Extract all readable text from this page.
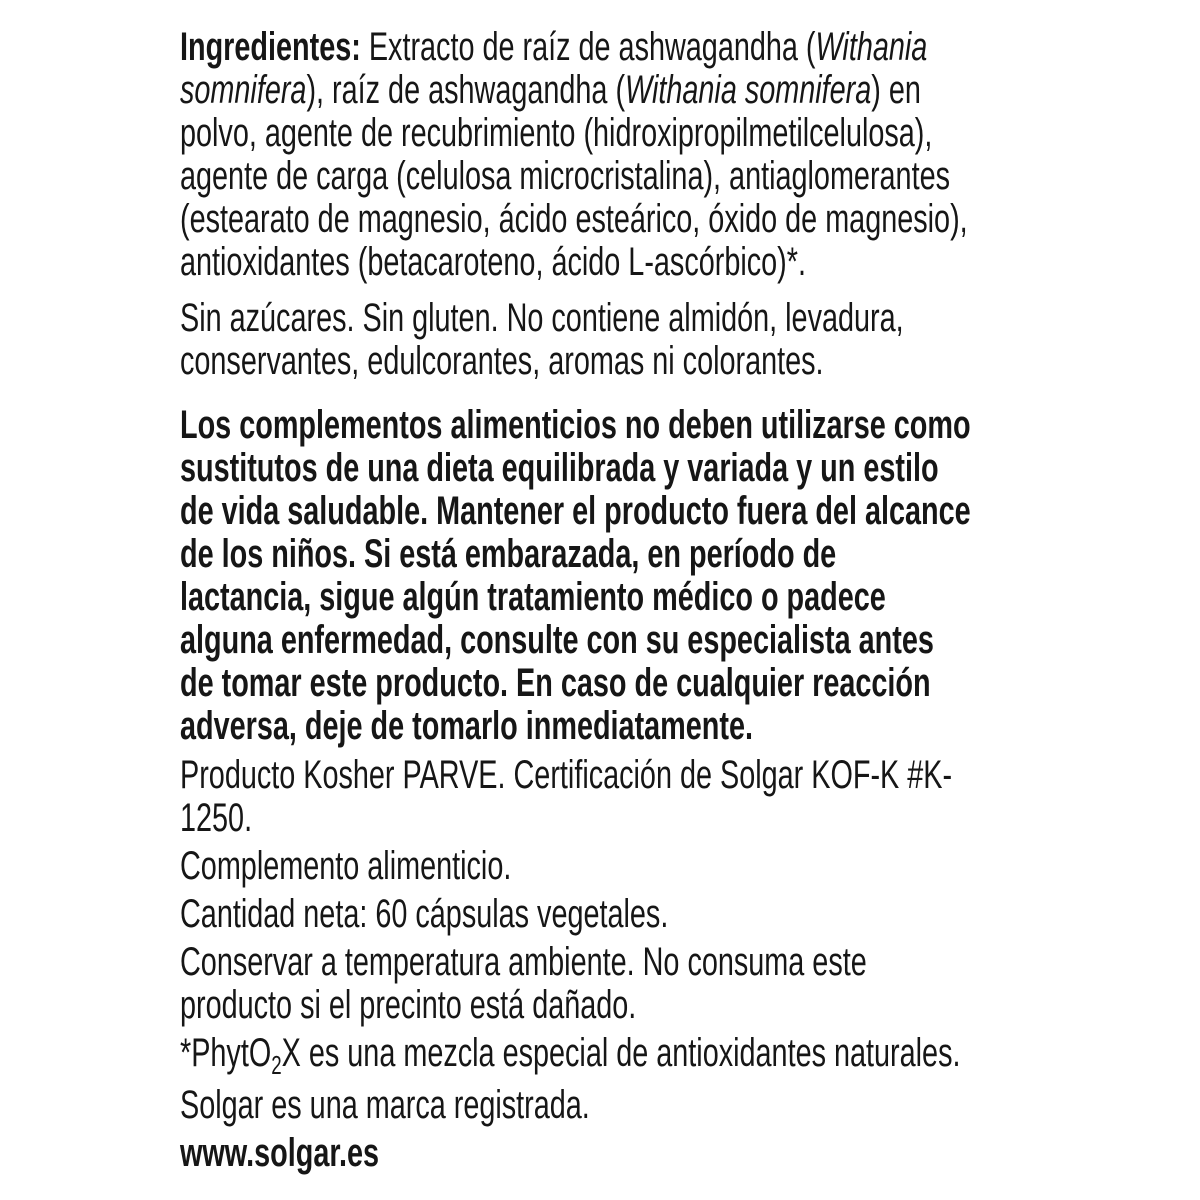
Ingredientes: Extracto de raíz de ashwagandha (Withania somnifera), raíz de ashwagandha (Withania somnifera) en polvo, agente de recubrimiento (hidroxipropilmetilcelulosa), agente de carga (celulosa microcristalina), antiaglomerantes (estearato de magnesio, ácido esteárico, óxido de magnesio), antioxidantes (betacaroteno, ácido L-ascórbico)*.

Sin azúcares. Sin gluten. No contiene almidón, levadura, conservantes, edulcorantes, aromas ni colorantes.

Los complementos alimenticios no deben utilizarse como sustitutos de una dieta equilibrada y variada y un estilo de vida saludable. Mantener el producto fuera del alcance de los niños. Si está embarazada, en período de lactancia, sigue algún tratamiento médico o padece alguna enfermedad, consulte con su especialista antes de tomar este producto. En caso de cualquier reacción adversa, deje de tomarlo inmediatamente.

Producto Kosher PARVE. Certificación de Solgar KOF-K #K-1250.

Complemento alimenticio.

Cantidad neta: 60 cápsulas vegetales.

Conservar a temperatura ambiente. No consuma este producto si el precinto está dañado.

*PhytO$_2$X es una mezcla especial de antioxidantes naturales.

Solgar es una marca registrada.

www.solgar.es
